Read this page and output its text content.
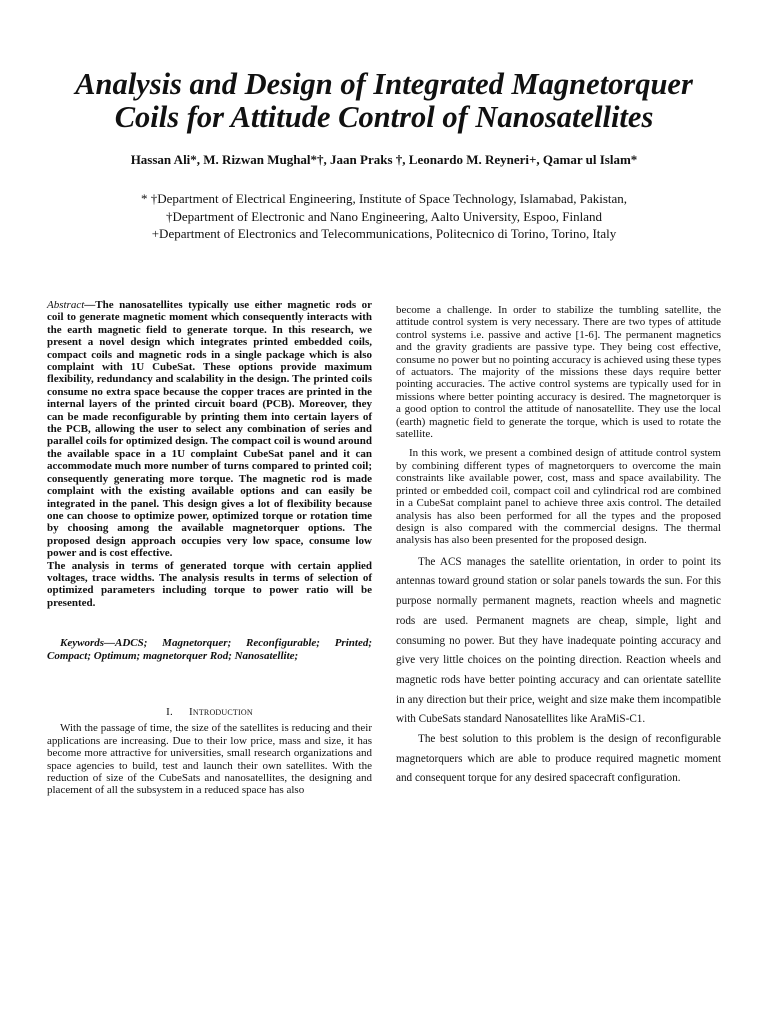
Analysis and Design of Integrated Magnetorquer
Coils for Attitude Control of Nanosatellites
Hassan Ali*, M. Rizwan Mughal*†, Jaan Praks †, Leonardo M. Reyneri+, Qamar ul Islam*
* †Department of Electrical Engineering, Institute of Space Technology, Islamabad, Pakistan,
†Department of Electronic and Nano Engineering, Aalto University, Espoo, Finland
+Department of Electronics and Telecommunications, Politecnico di Torino, Torino, Italy

Abstract—The nanosatellites typically use either magnetic rods or coil to generate magnetic moment which consequently interacts with the earth magnetic field to generate torque. In this research, we present a novel design which integrates printed embedded coils, compact coils and magnetic rods in a single package which is also complaint with 1U CubeSat. These options provide maximum flexibility, redundancy and scalability in the design. The printed coils consume no extra space because the copper traces are printed in the internal layers of the printed circuit board (PCB). Moreover, they can be made reconfigurable by printing them into certain layers of the PCB, allowing the user to select any combination of series and parallel coils for optimized design. The compact coil is wound around the available space in a 1U complaint CubeSat panel and it can accommodate much more number of turns compared to printed coil; consequently generating more torque. The magnetic rod is made complaint with the existing available options and can easily be integrated in the panel. This design gives a lot of flexibility because one can choose to optimize power, optimized torque or rotation time by choosing among the available magnetorquer options. The proposed design approach occupies very low space, consume low power and is cost effective.

The analysis in terms of generated torque with certain applied voltages, trace widths. The analysis results in terms of selection of optimized parameters including torque to power ratio will be presented.

Keywords—ADCS; Magnetorquer; Reconfigurable; Printed; Compact; Optimum; magnetorquer Rod; Nanosatellite;

I. Introduction

With the passage of time, the size of the satellites is reducing and their applications are increasing. Due to their low price, mass and size, it has become more attractive for universities, small research organizations and space agencies to build, test and launch their own satellites. With the reduction of size of the CubeSats and nanosatellites, the designing and placement of all the subsystem in a reduced space has also

become a challenge. In order to stabilize the tumbling satellite, the attitude control system is very necessary. There are two types of attitude control systems i.e. passive and active [1-6]. The permanent magnetics and the gravity gradients are passive type. They being cost effective, consume no power but no pointing accuracy is achieved using these types of actuators. The majority of the missions these days require better pointing accuracies. The active control systems are typically used for in missions where better pointing accuracy is desired. The magnetorquer is a good option to control the attitude of nanosatellite. They use the local (earth) magnetic field to generate the torque, which is used to rotate the satellite.

In this work, we present a combined design of attitude control system by combining different types of magnetorquers to overcome the main constraints like available power, cost, mass and space availability. The printed or embedded coil, compact coil and cylindrical rod are combined in a CubeSat complaint panel to achieve three axis control. The detailed analysis has also been performed for all the types and the proposed design is also compared with the commercial designs. The thermal analysis has also been presented for the proposed design.

The ACS manages the satellite orientation, in order to point its antennas toward ground station or solar panels towards the sun. For this purpose normally permanent magnets, reaction wheels and magnetic rods are used. Permanent magnets are cheap, simple, light and consuming no power. But they have inadequate pointing accuracy and give very little choices on the pointing direction. Reaction wheels and magnetic rods have better pointing accuracy and can orientate satellite in any direction but their price, weight and size make them incompatible with CubeSats standard Nanosatellites like AraMiS-C1.

The best solution to this problem is the design of reconfigurable magnetorquers which are able to produce required magnetic moment and consequent torque for any desired spacecraft configuration.
